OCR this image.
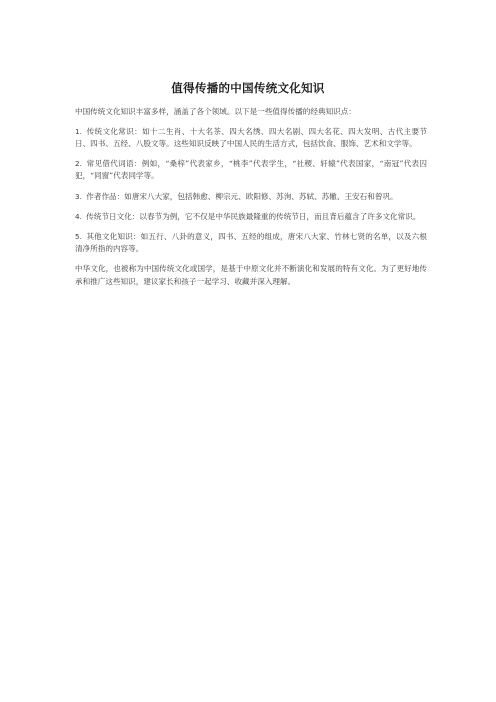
值得传播的中国传统文化知识

中国传统文化知识丰富多样，涵盖了各个领域。以下是一些值得传播的经典知识点：

1. 传统文化常识：如十二生肖、十大名茶、四大名绣、四大名剧、四大名花、四大发明、古代主要节日、四书、五经、八股文等。这些知识反映了中国人民的生活方式，包括饮食、服饰、艺术和文学等。

2. 常见借代词语：例如，“桑梓”代表家乡，“桃李”代表学生，“社稷、轩辕”代表国家，“南冠”代表囚犯，“同窗”代表同学等。

3. 作者作品：如唐宋八大家，包括韩愈、柳宗元、欧阳修、苏洵、苏轼、苏辙、王安石和曾巩。

4. 传统节日文化：以春节为例，它不仅是中华民族最隆重的传统节日，而且背后蕴含了许多文化常识。

5. 其他文化知识：如五行、八卦的意义，四书、五经的组成，唐宋八大家、竹林七贤的名单，以及六根清净所指的内容等。

中华文化，也被称为中国传统文化或国学，是基于中原文化并不断演化和发展的特有文化。为了更好地传承和推广这些知识，建议家长和孩子一起学习、收藏并深入理解。
